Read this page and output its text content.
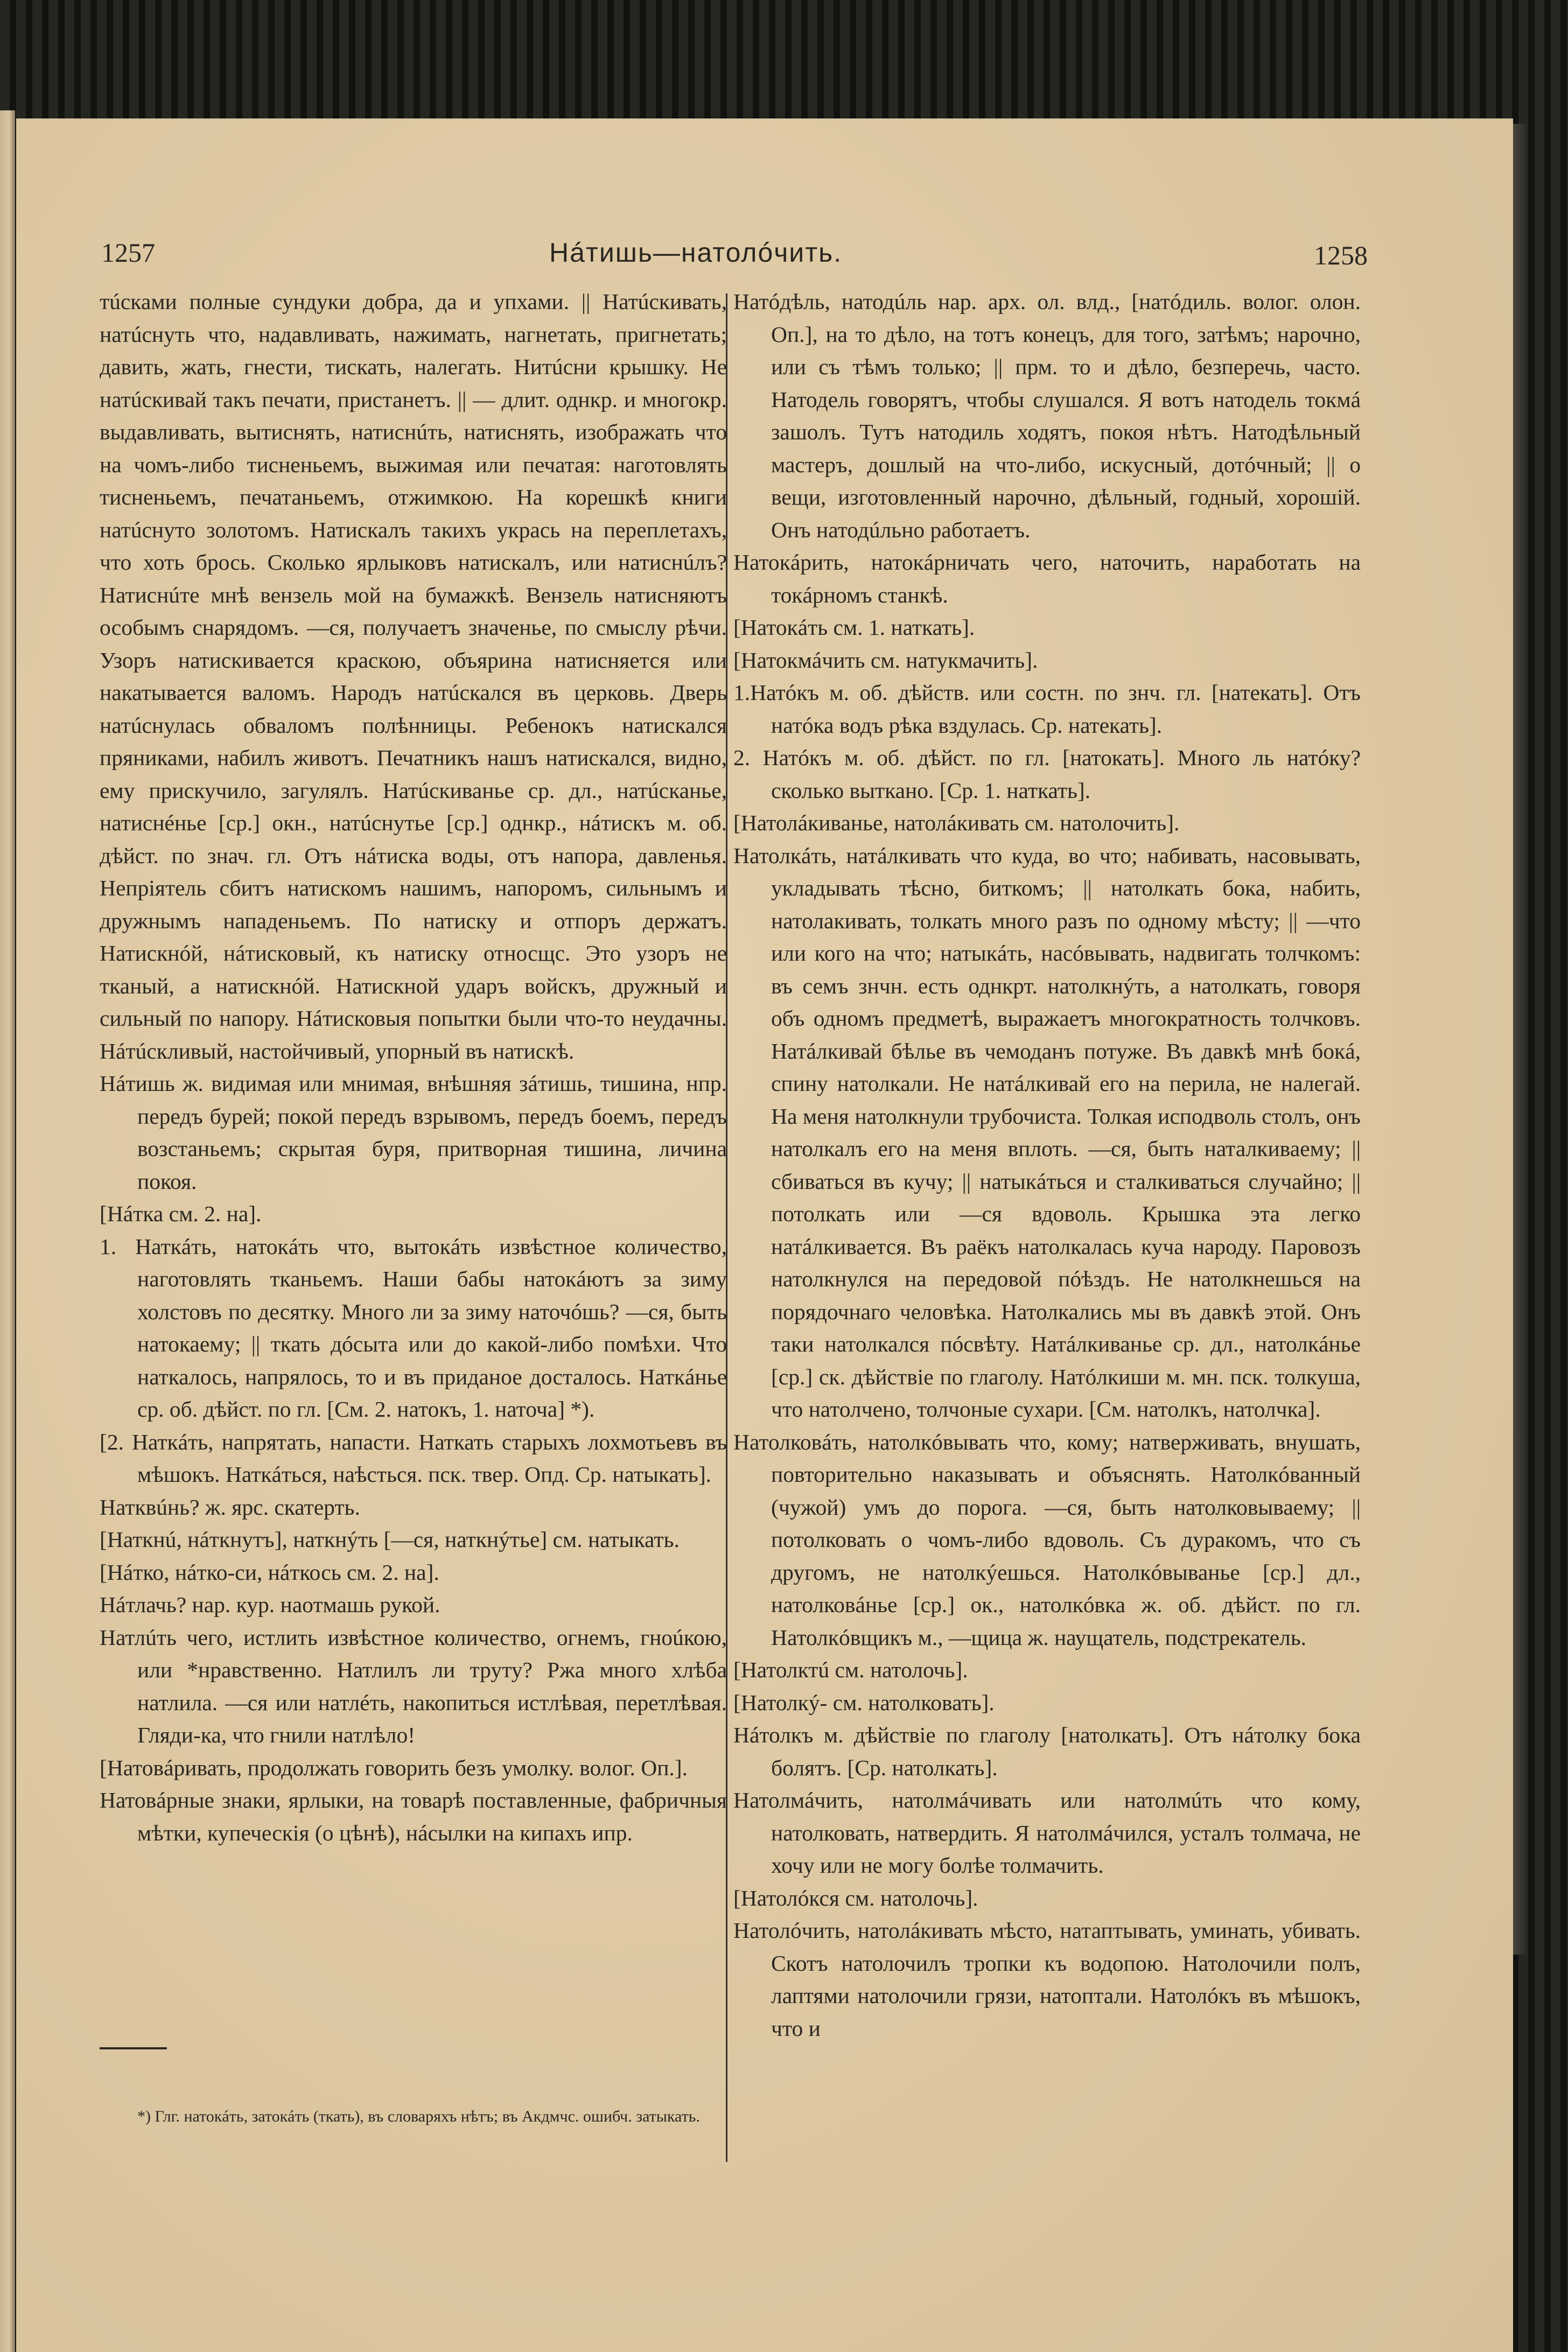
1257	Нáтишь—натолóчить.	1258

тúсками полные сундуки добра, да и упхами. || Натúскивать, натúснуть что, надавливать, нажимать, нагнетать, пригнетать; давить, жать, гнести, тискать, налегать. Нитúсни крышку. Не натúскивай такъ печати, пристанетъ. || — длит. однкр. и многокр. выдавливать, вытиснять, натиснúть, натиснять, изображать что на чомъ-либо тисненьемъ, выжимая или печатая: наготовлять тисненьемъ, печатаньемъ, отжимкою. На корешкѣ книги натúснуто золотомъ. Натискалъ такихъ укрась на переплетахъ, что хоть брось. Сколько ярлыковъ натискалъ, или натиснúлъ? Натиснúте мнѣ вензель мой на бумажкѣ. Вензель натисняютъ особымъ снарядомъ. —ся, получаетъ значенье, по смыслу рѣчи. Узоръ натискивается краскою, объярина натисняется или накатывается валомъ. Народъ натúскался въ церковь. Дверь натúснулась обваломъ полѣнницы. Ребенокъ натискался пряниками, набилъ животъ. Печатникъ нашъ натискался, видно, ему прискучило, загулялъ. Натúскиванье ср. дл., натúсканье, натиснéнье [ср.] окн., натúснутье [ср.] однкр., нáтискъ м. об. дѣйст. по знач. гл. Отъ нáтиска воды, отъ напора, давленья. Непріятель сбитъ натискомъ нашимъ, напоромъ, сильнымъ и дружнымъ нападеньемъ. По натиску и отпоръ держатъ. Натискнóй, нáтисковый, къ натиску относщс. Это узоръ не тканый, а натискнóй. Натискной ударъ войскъ, дружный и сильный по напору. Нáтисковыя попытки были что-то неудачны. Нáтúскливый, настойчивый, упорный въ натискѣ.

Нáтишь ж. видимая или мнимая, внѣшняя зáтишь, тишина, нпр. передъ бурей; покой передъ взрывомъ, передъ боемъ, передъ возстаньемъ; скрытая буря, притворная тишина, личина покоя.

[Нáтка см. 2. на].

1. Наткáть, натокáть что, вытокáть извѣстное количество, наготовлять тканьемъ. Наши бабы натокáютъ за зиму холстовъ по десятку. Много ли за зиму наточóшь? —ся, быть натокаему; || ткать дóсыта или до какой-либо помѣхи. Что наткалось, напрялось, то и въ приданое досталось. Наткáнье ср. об. дѣйст. по гл. [См. 2. натокъ, 1. наточа] *).

[2. Наткáть, напрятать, напасти. Наткать старыхъ лохмотьевъ въ мѣшокъ. Наткáться, наѣсться. пск. твер. Опд. Ср. натыкать].

Натквúнь? ж. ярс. скатерть.

[Наткнú, нáткнутъ], наткнýть [—ся, наткнýтье] см. натыкать.

[Нáтко, нáтко-си, нáткось см. 2. на].

Нáтлачь? нар. кур. наотмашь рукой.

Натлúть чего, истлить извѣстное количество, огнемъ, гноúкою, или *нравственно. Натлилъ ли труту? Ржа много хлѣба натлила. —ся или натлéть, накопиться истлѣвая, перетлѣвая. Гляди-ка, что гнили натлѣло!

[Натовáривать, продолжать говорить безъ умолку. волог. Оп.].

Натовáрные знаки, ярлыки, на товарѣ поставленные, фабричныя мѣтки, купеческія (о цѣнѣ), нáсылки на кипахъ ипр.

*) Глг. натокáть, затокáть (ткать), въ словаряхъ нѣтъ; въ Акдмчс. ошибч. затыкать.

Натóдѣль, натодúль нар. арх. ол. влд., [натóдиль. волог. олон. Оп.], на то дѣло, на тотъ конецъ, для того, затѣмъ; нарочно, или съ тѣмъ только; || прм. то и дѣло, безперечь, часто. Натодель говорятъ, чтобы слушался. Я вотъ натодель токмá зашолъ. Тутъ натодиль ходятъ, покоя нѣтъ. Натодѣльный мастеръ, дошлый на что-либо, искусный, дотóчный; || о вещи, изготовленный нарочно, дѣльный, годный, хорошій. Онъ натодúльно работаетъ.

Натокáрить, натокáрничать чего, наточить, наработать на токáрномъ станкѣ.

[Натокáть см. 1. наткать].

[Натокмáчить см. натукмачить].

1.Натóкъ м. об. дѣйств. или состн. по знч. гл. [натекать]. Отъ натóка водъ рѣка вздулась. Ср. натекать].

2. Натóкъ м. об. дѣйст. по гл. [натокать]. Много ль натóку? сколько выткано. [Ср. 1. наткать].

[Натолáкиванье, натолáкивать см. натолочить].

Натолкáть, натáлкивать что куда, во что; набивать, насовывать, укладывать тѣсно, биткомъ; || натолкать бока, набить, натолакивать, толкать много разъ по одному мѣсту; || —что или кого на что; натыкáть, насóвывать, надвигать толчкомъ: въ семъ знчн. есть однкрт. натолкнýть, а натолкать, говоря объ одномъ предметѣ, выражаетъ многократность толчковъ. Натáлкивай бѣлье въ чемоданъ потуже. Въ давкѣ мнѣ бокá, спину натолкали. Не натáлкивай его на перила, не налегай. На меня натолкнули трубочиста. Толкая исподволь столъ, онъ натолкалъ его на меня вплоть. —ся, быть наталкиваему; || сбиваться въ кучу; || натыкáться и сталкиваться случайно; || потолкать или —ся вдоволь. Крышка эта легко натáлкивается. Въ раёкъ натолкалась куча народу. Паровозъ натолкнулся на передовой пóѣздъ. Не натолкнешься на порядочнаго человѣка. Натолкались мы въ давкѣ этой. Онъ таки натолкался пóсвѣту. Натáлкиванье ср. дл., натолкáнье [ср.] ск. дѣйствіе по глаголу. Натóлкиши м. мн. пск. толкуша, что натолчено, толчоные сухари. [См. натолкъ, натолчка].

Натолковáть, натолкóвывать что, кому; натверживать, внушать, повторительно наказывать и объяснять. Натолкóванный (чужой) умъ до порога. —ся, быть натолковываему; || потолковать о чомъ-либо вдоволь. Съ дуракомъ, что съ другомъ, не натолкýешься. Натолкóвыванье [ср.] дл., натолковáнье [ср.] ок., натолкóвка ж. об. дѣйст. по гл. Натолкóвщикъ м., —щица ж. наущатель, подстрекатель.

[Натолктú см. натолочь].

[Натолкý- см. натолковать].

Нáтолкъ м. дѣйствіе по глаголу [натолкать]. Отъ нáтолку бока болятъ. [Ср. натолкать].

Натолмáчить, натолмáчивать или натолмúть что кому, натолковать, натвердить. Я натолмáчился, усталъ толмача, не хочу или не могу болѣе толмачить.

[Натолóкся см. натолочь].

Натолóчить, натолáкивать мѣсто, натаптывать, уминать, убивать. Скотъ натолочилъ тропки къ водопою. Натолочили полъ, лаптями натолочили грязи, натоптали. Натолóкъ въ мѣшокъ, что и
